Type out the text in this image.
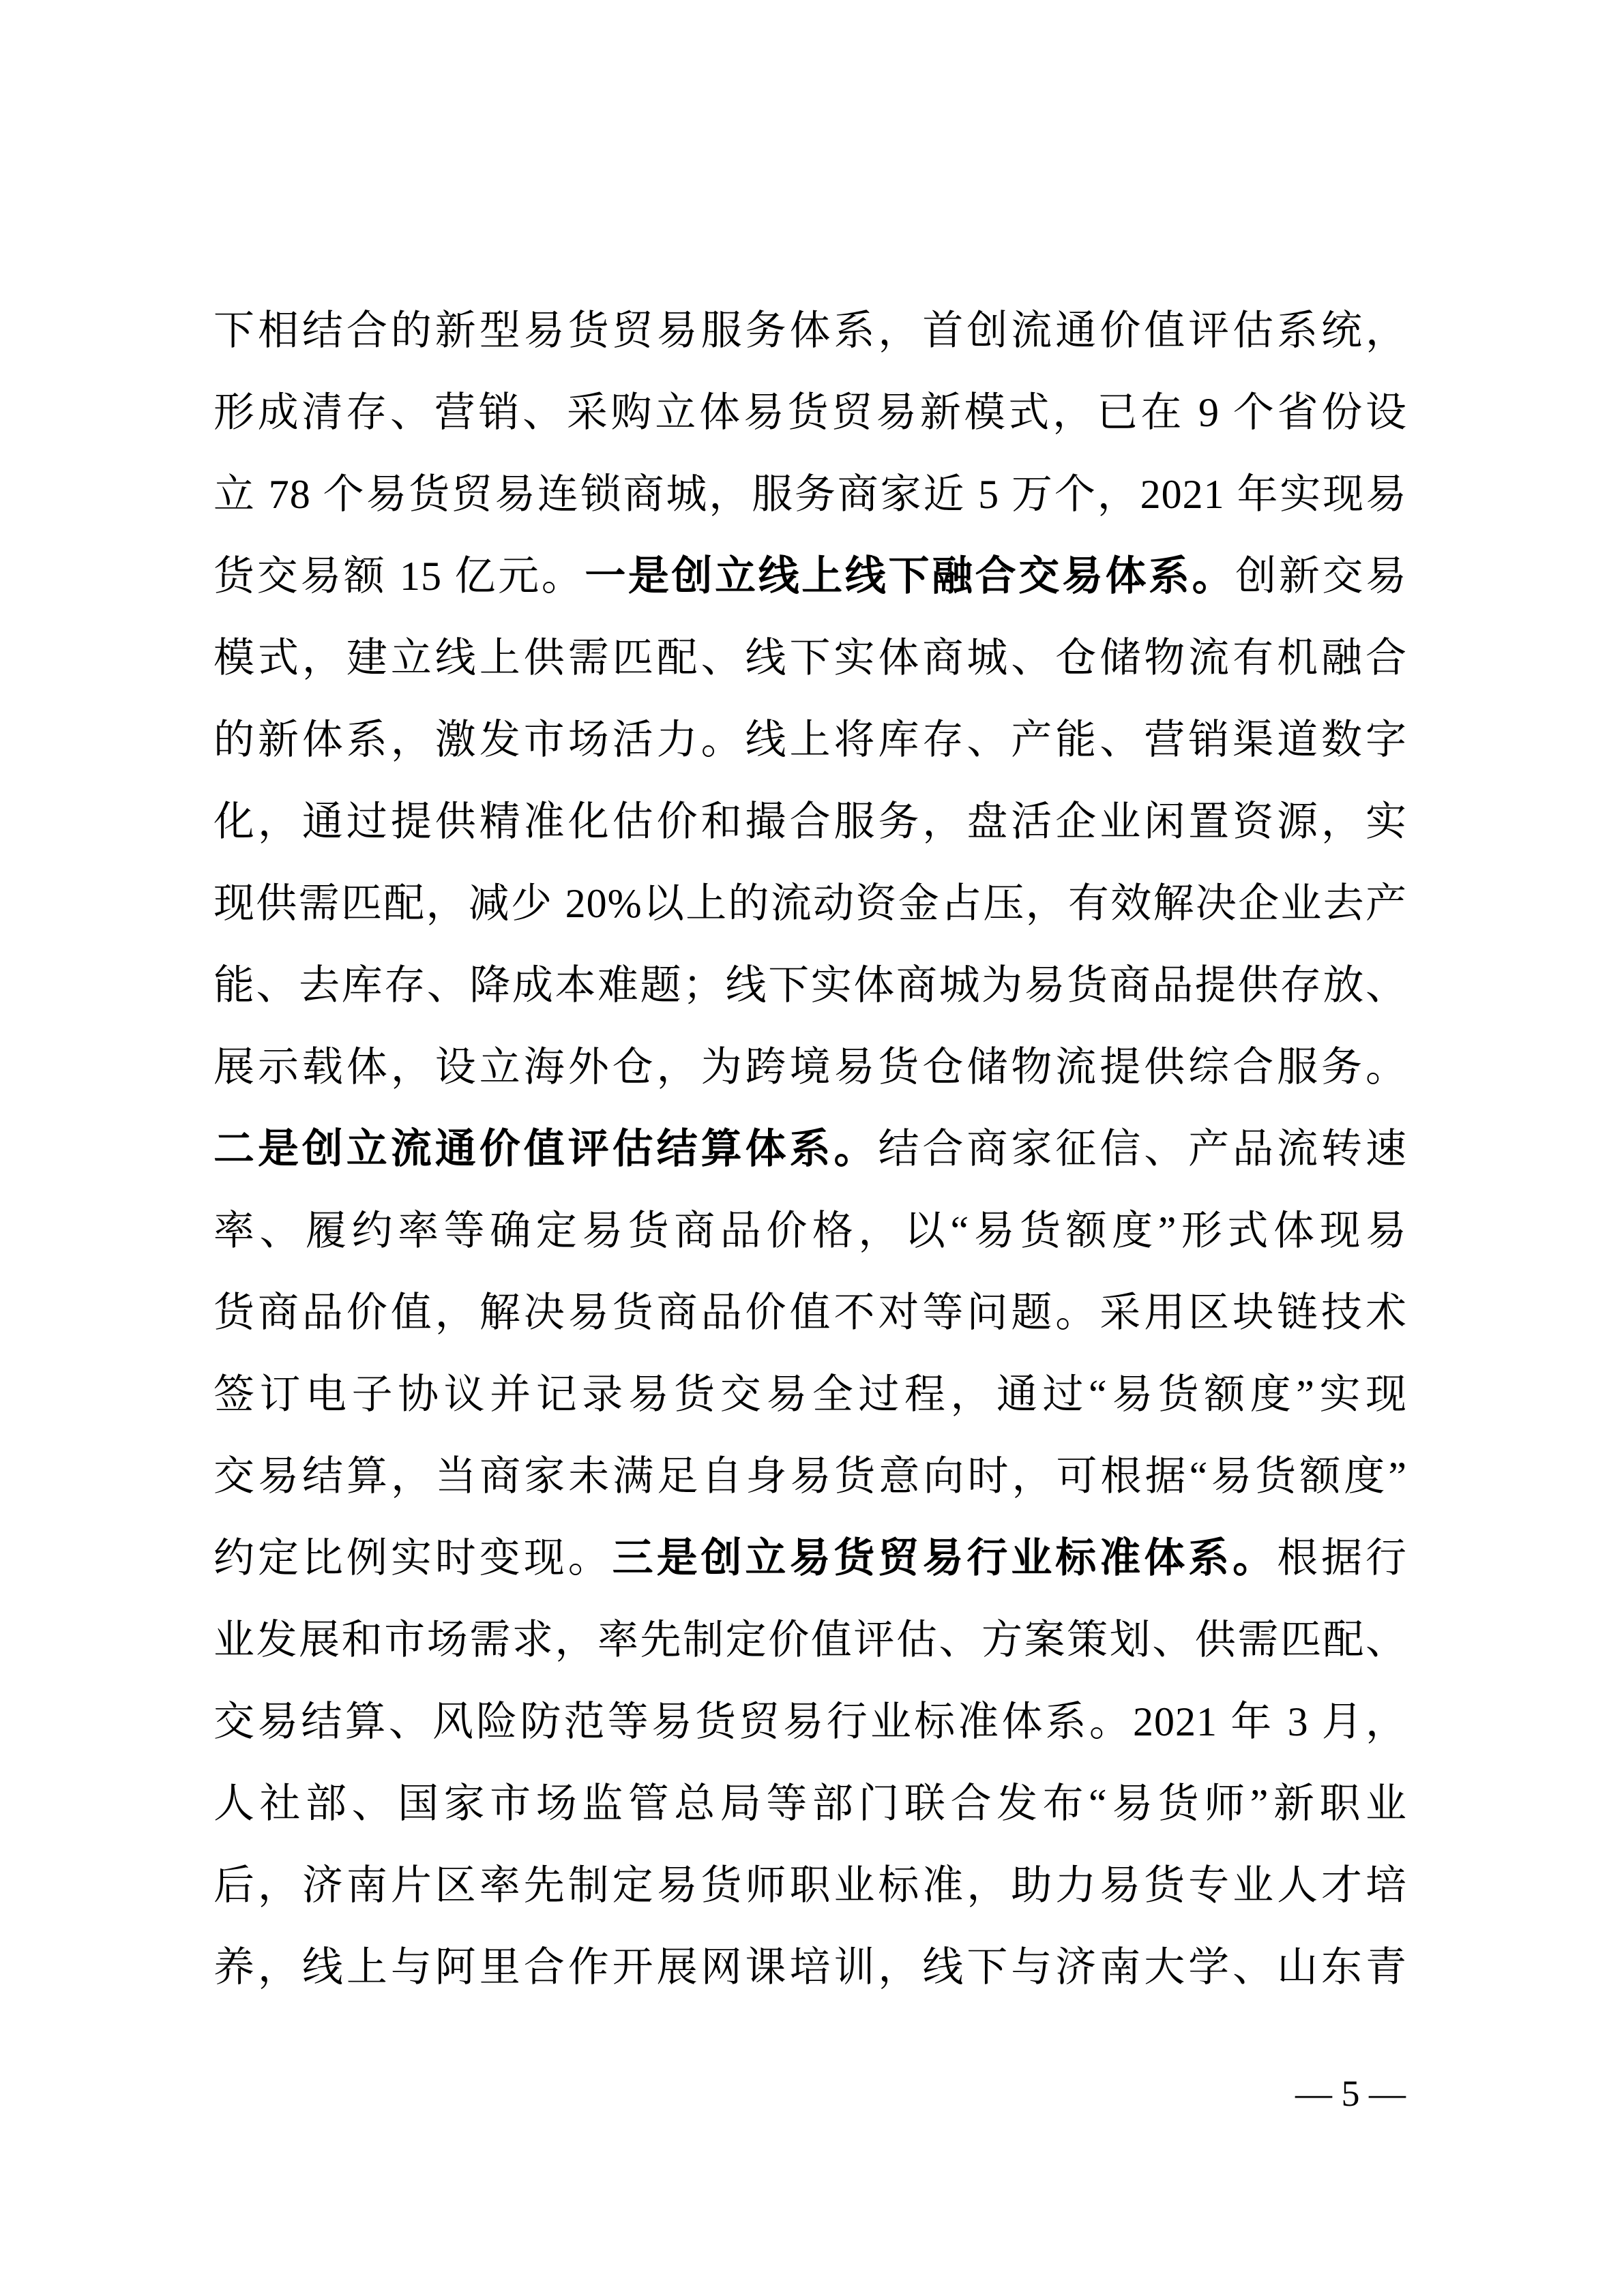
下相结合的新型易货贸易服务体系，首创流通价值评估系统，
形成清存、营销、采购立体易货贸易新模式，已在 9 个省份设
立 78 个易货贸易连锁商城，服务商家近 5 万个，2021 年实现易
货交易额 15 亿元。一是创立线上线下融合交易体系。创新交易
模式，建立线上供需匹配、线下实体商城、仓储物流有机融合
的新体系，激发市场活力。线上将库存、产能、营销渠道数字
化，通过提供精准化估价和撮合服务，盘活企业闲置资源，实
现供需匹配，减少 20%以上的流动资金占压，有效解决企业去产
能、去库存、降成本难题；线下实体商城为易货商品提供存放、
展示载体，设立海外仓，为跨境易货仓储物流提供综合服务。
二是创立流通价值评估结算体系。结合商家征信、产品流转速
率、履约率等确定易货商品价格，以“易货额度”形式体现易
货商品价值，解决易货商品价值不对等问题。采用区块链技术
签订电子协议并记录易货交易全过程，通过“易货额度”实现
交易结算，当商家未满足自身易货意向时，可根据“易货额度”
约定比例实时变现。三是创立易货贸易行业标准体系。根据行
业发展和市场需求，率先制定价值评估、方案策划、供需匹配、
交易结算、风险防范等易货贸易行业标准体系。2021 年 3 月，
人社部、国家市场监管总局等部门联合发布“易货师”新职业
后，济南片区率先制定易货师职业标准，助力易货专业人才培
养，线上与阿里合作开展网课培训，线下与济南大学、山东青
— 5 —
